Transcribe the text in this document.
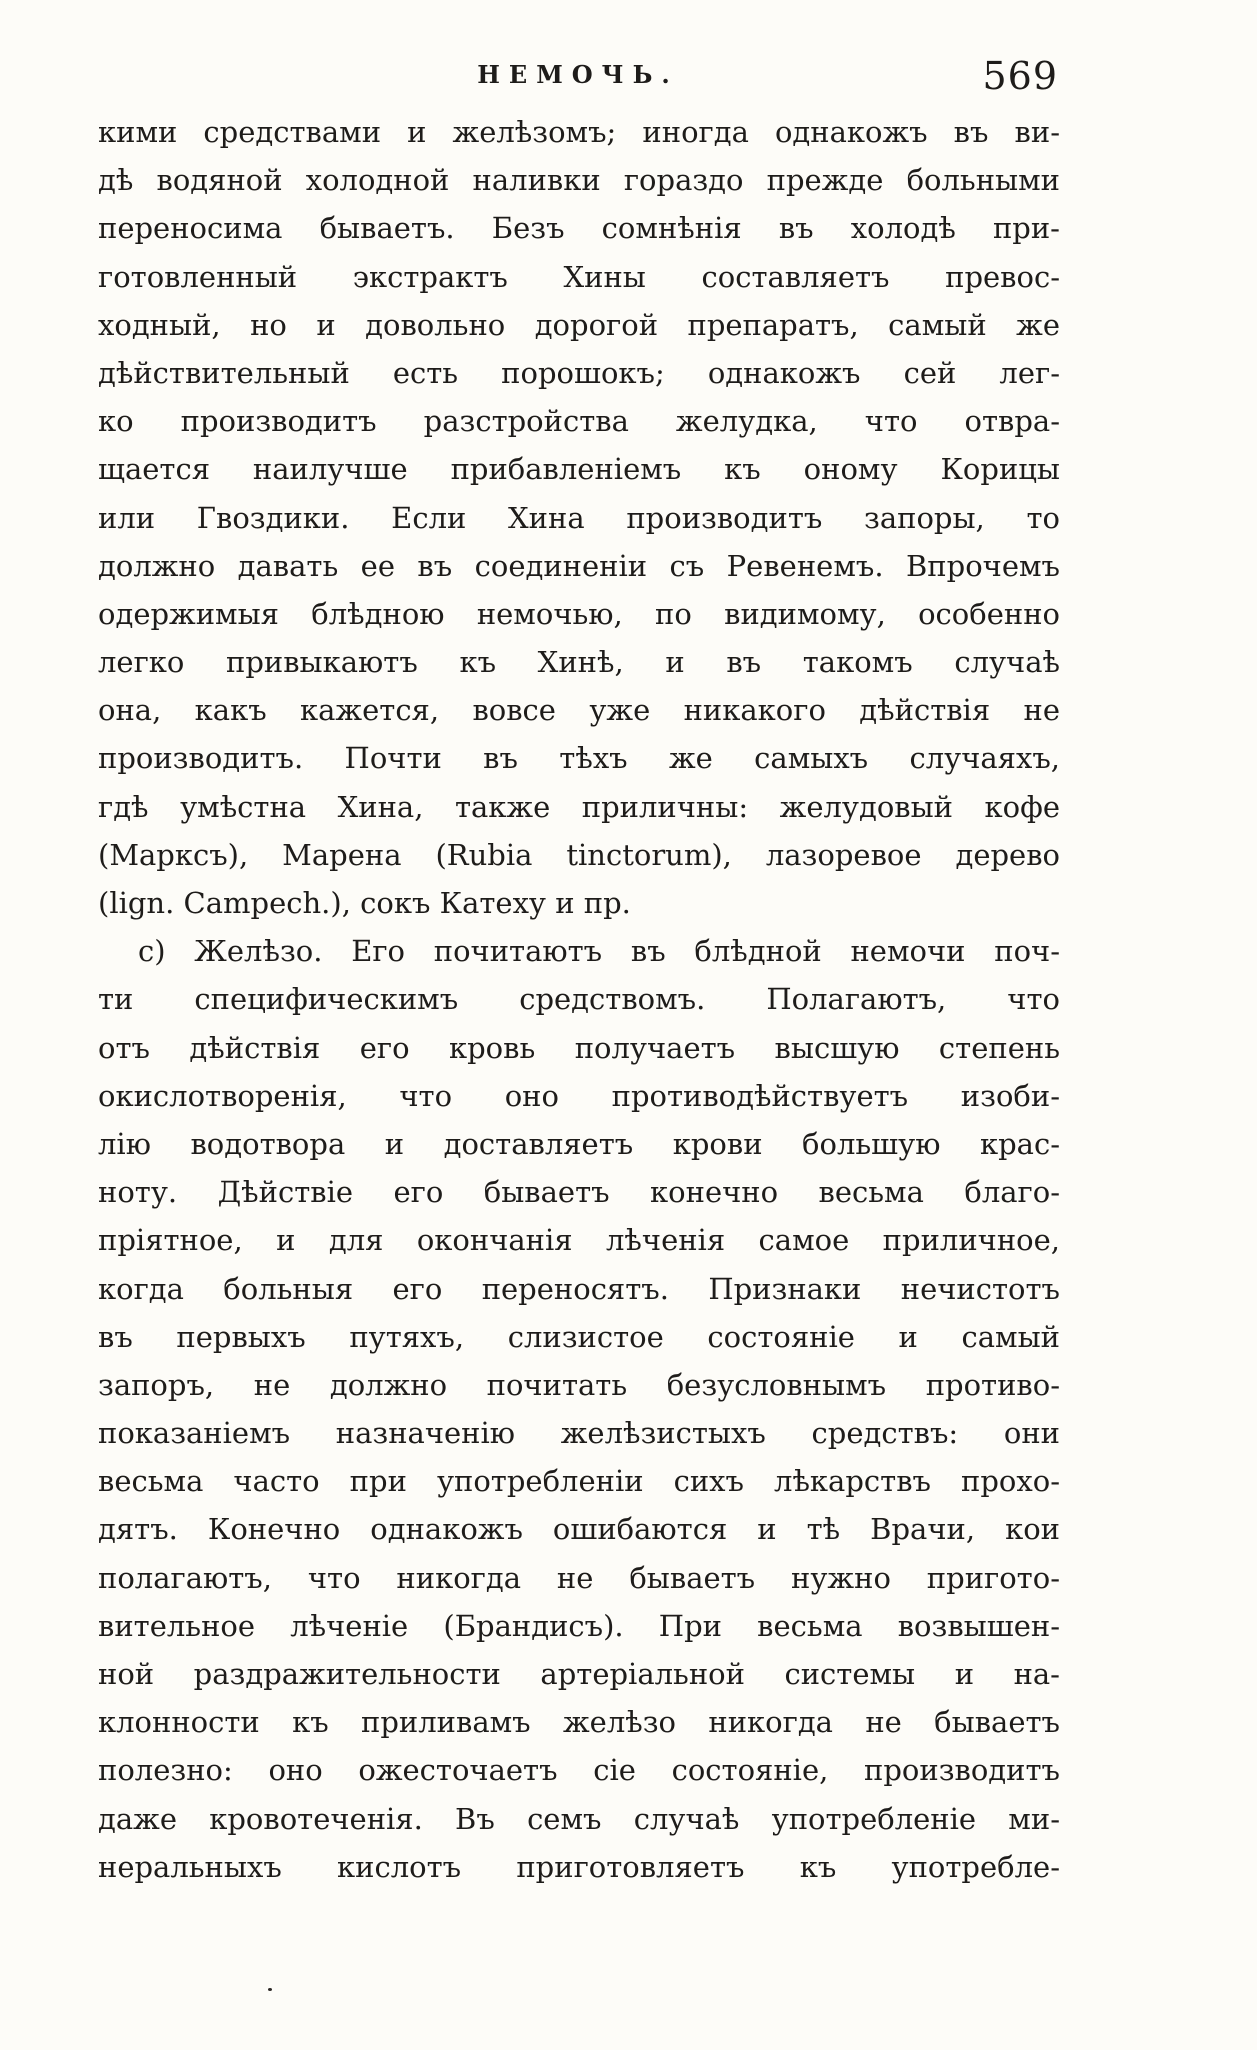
НЕМОЧЬ.	569
кими средствами и желѣзомъ; иногда однакожъ въ ви-
дѣ водяной холодной наливки гораздо прежде больными
переносима бываетъ. Безъ сомнѣнія въ холодѣ при-
готовленный экстрактъ Хины составляетъ превос-
ходный, но и довольно дорогой препаратъ, самый же
дѣйствительный есть порошокъ; однакожъ сей лег-
ко производитъ разстройства желудка, что отвра-
щается наилучше прибавленіемъ къ оному Корицы
или Гвоздики. Если Хина производитъ запоры, то
должно давать ее въ соединеніи съ Ревенемъ. Впрочемъ
одержимыя блѣдною немочью, по видимому, особенно
легко привыкаютъ къ Хинѣ, и въ такомъ случаѣ
она, какъ кажется, вовсе уже никакого дѣйствія не
производитъ. Почти въ тѣхъ же самыхъ случаяхъ,
гдѣ умѣстна Хина, также приличны: желудовый кофе
(Марксъ), Марена (Rubia tinctorum), лазоревое дерево
(lign. Campech.), сокъ Катеху и пр.
c) Желѣзо. Его почитаютъ въ блѣдной немочи поч-
ти специфическимъ средствомъ. Полагаютъ, что
отъ дѣйствія его кровь получаетъ высшую степень
окислотворенія, что оно противодѣйствуетъ изоби-
лію водотвора и доставляетъ крови большую крас-
ноту. Дѣйствіе его бываетъ конечно весьма благо-
пріятное, и для окончанія лѣченія самое приличное,
когда больныя его переносятъ. Признаки нечистотъ
въ первыхъ путяхъ, слизистое состояніе и самый
запоръ, не должно почитать безусловнымъ противо-
показаніемъ назначенію желѣзистыхъ средствъ: они
весьма часто при употребленіи сихъ лѣкарствъ прохо-
дятъ. Конечно однакожъ ошибаются и тѣ Врачи, кои
полагаютъ, что никогда не бываетъ нужно пригото-
вительное лѣченіе (Брандисъ). При весьма возвышен-
ной раздражительности артеріальной системы и на-
клонности къ приливамъ желѣзо никогда не бываетъ
полезно: оно ожесточаетъ сіе состояніе, производитъ
даже кровотеченія. Въ семъ случаѣ употребленіе ми-
неральныхъ кислотъ приготовляетъ къ употребле-
